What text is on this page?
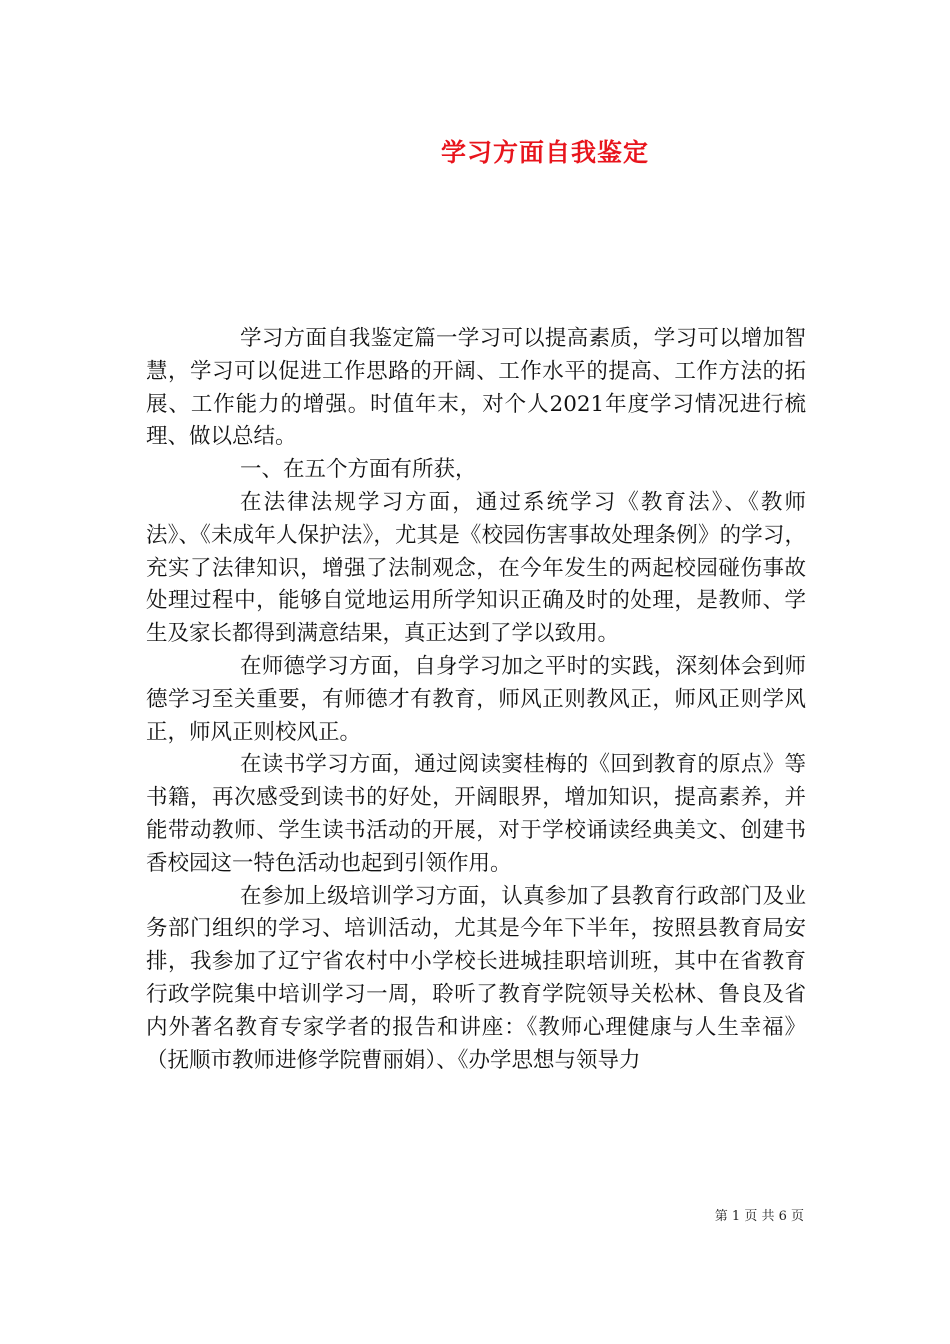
学习方面自我鉴定

学习方面自我鉴定篇一学习可以提高素质，学习可以增加智慧，学习可以促进工作思路的开阔、工作水平的提高、工作方法的拓展、工作能力的增强。时值年末，对个人2021年度学习情况进行梳理、做以总结。

一、在五个方面有所获，

在法律法规学习方面，通过系统学习《教育法》、《教师法》、《未成年人保护法》，尤其是《校园伤害事故处理条例》的学习，充实了法律知识，增强了法制观念，在今年发生的两起校园碰伤事故处理过程中，能够自觉地运用所学知识正确及时的处理，是教师、学生及家长都得到满意结果，真正达到了学以致用。

在师德学习方面，自身学习加之平时的实践，深刻体会到师德学习至关重要，有师德才有教育，师风正则教风正，师风正则学风正，师风正则校风正。

在读书学习方面，通过阅读窦桂梅的《回到教育的原点》等书籍，再次感受到读书的好处，开阔眼界，增加知识，提高素养，并能带动教师、学生读书活动的开展，对于学校诵读经典美文、创建书香校园这一特色活动也起到引领作用。

在参加上级培训学习方面，认真参加了县教育行政部门及业务部门组织的学习、培训活动，尤其是今年下半年，按照县教育局安排，我参加了辽宁省农村中小学校长进城挂职培训班，其中在省教育行政学院集中培训学习一周，聆听了教育学院领导关松林、鲁良及省内外著名教育专家学者的报告和讲座：《教师心理健康与人生幸福》（抚顺市教师进修学院曹丽娟）、《办学思想与领导力

第 1 页 共 6 页
